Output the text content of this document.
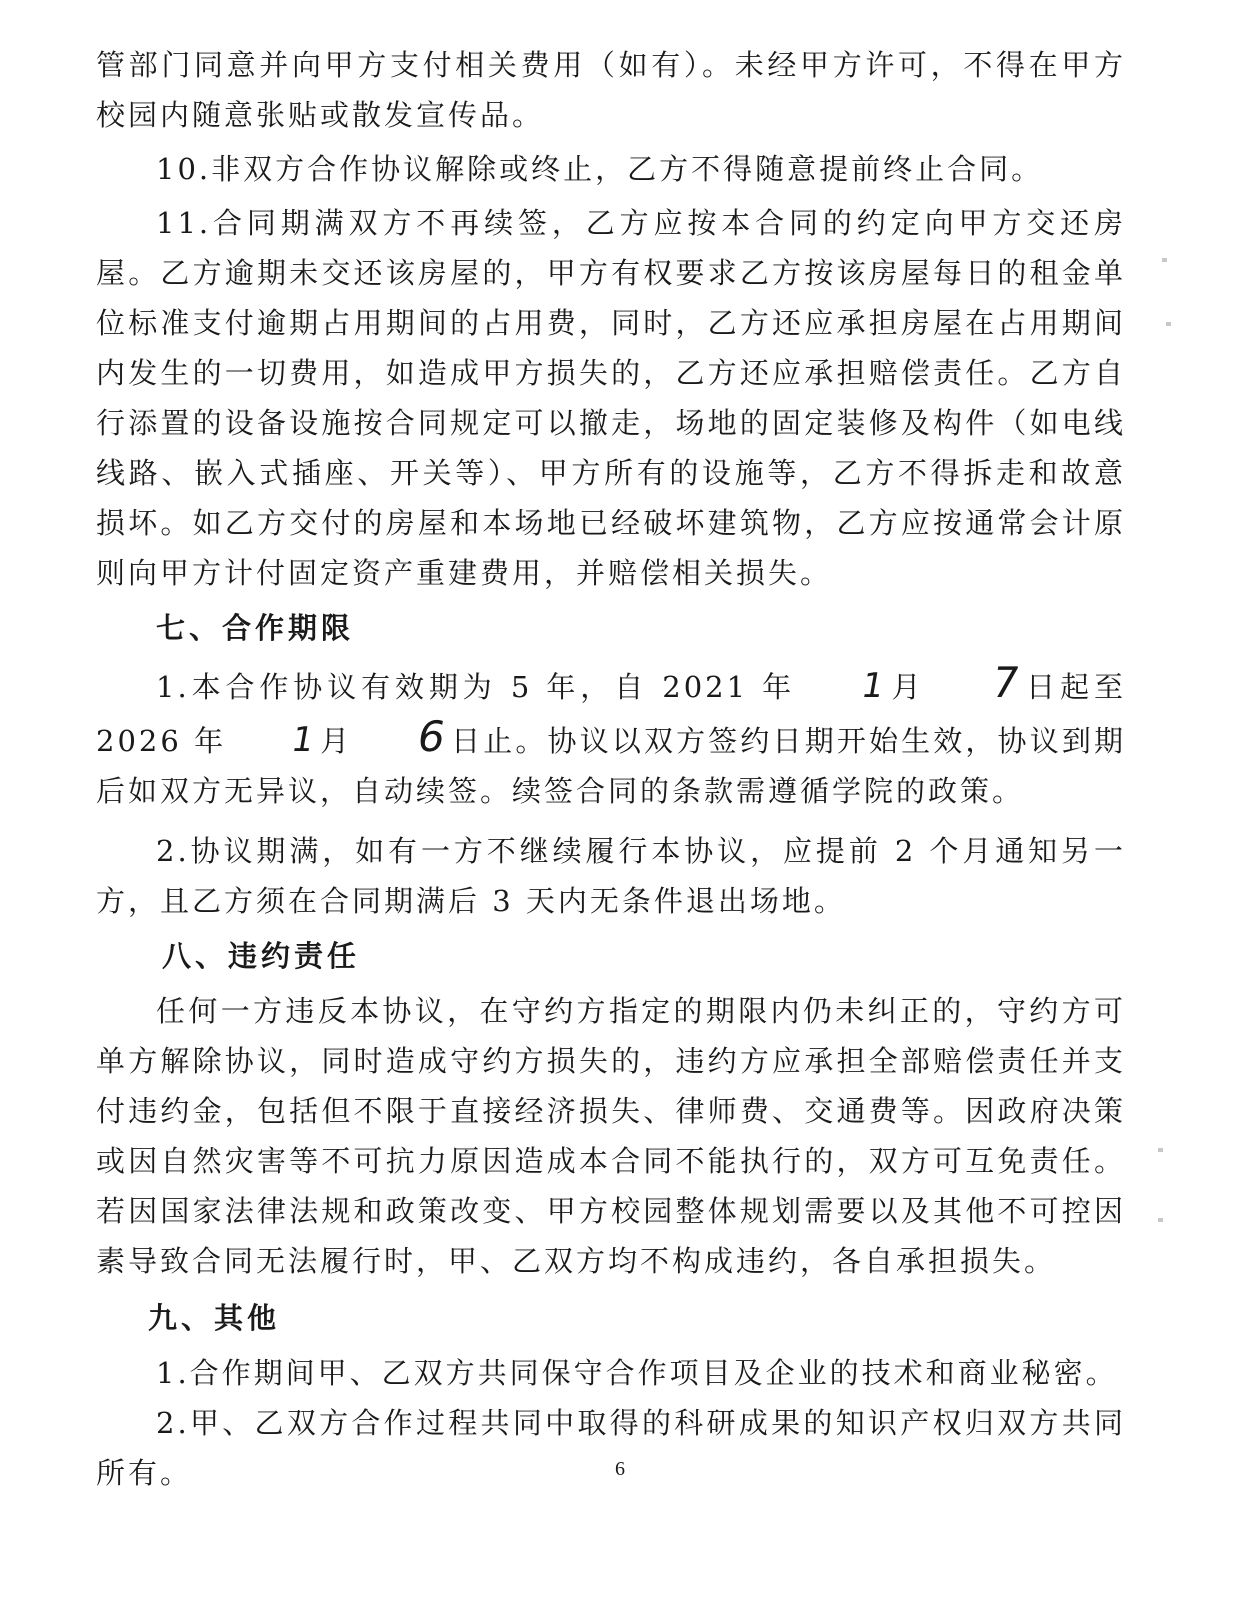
管部门同意并向甲方支付相关费用（如有）。未经甲方许可，不得在甲方校园内随意张贴或散发宣传品。

10.非双方合作协议解除或终止，乙方不得随意提前终止合同。

11.合同期满双方不再续签，乙方应按本合同的约定向甲方交还房屋。乙方逾期未交还该房屋的，甲方有权要求乙方按该房屋每日的租金单位标准支付逾期占用期间的占用费，同时，乙方还应承担房屋在占用期间内发生的一切费用，如造成甲方损失的，乙方还应承担赔偿责任。乙方自行添置的设备设施按合同规定可以撤走，场地的固定装修及构件（如电线线路、嵌入式插座、开关等）、甲方所有的设施等，乙方不得拆走和故意损坏。如乙方交付的房屋和本场地已经破坏建筑物，乙方应按通常会计原则向甲方计付固定资产重建费用，并赔偿相关损失。

七、合作期限

1.本合作协议有效期为 5 年，自 2021 年 1月 7日起至 2026 年 1月 6日止。协议以双方签约日期开始生效，协议到期后如双方无异议，自动续签。续签合同的条款需遵循学院的政策。

2.协议期满，如有一方不继续履行本协议，应提前 2 个月通知另一方，且乙方须在合同期满后 3 天内无条件退出场地。

八、违约责任

任何一方违反本协议，在守约方指定的期限内仍未纠正的，守约方可单方解除协议，同时造成守约方损失的，违约方应承担全部赔偿责任并支付违约金，包括但不限于直接经济损失、律师费、交通费等。因政府决策或因自然灾害等不可抗力原因造成本合同不能执行的，双方可互免责任。若因国家法律法规和政策改变、甲方校园整体规划需要以及其他不可控因素导致合同无法履行时，甲、乙双方均不构成违约，各自承担损失。

九、其他

1.合作期间甲、乙双方共同保守合作项目及企业的技术和商业秘密。

2.甲、乙双方合作过程共同中取得的科研成果的知识产权归双方共同所有。	6
